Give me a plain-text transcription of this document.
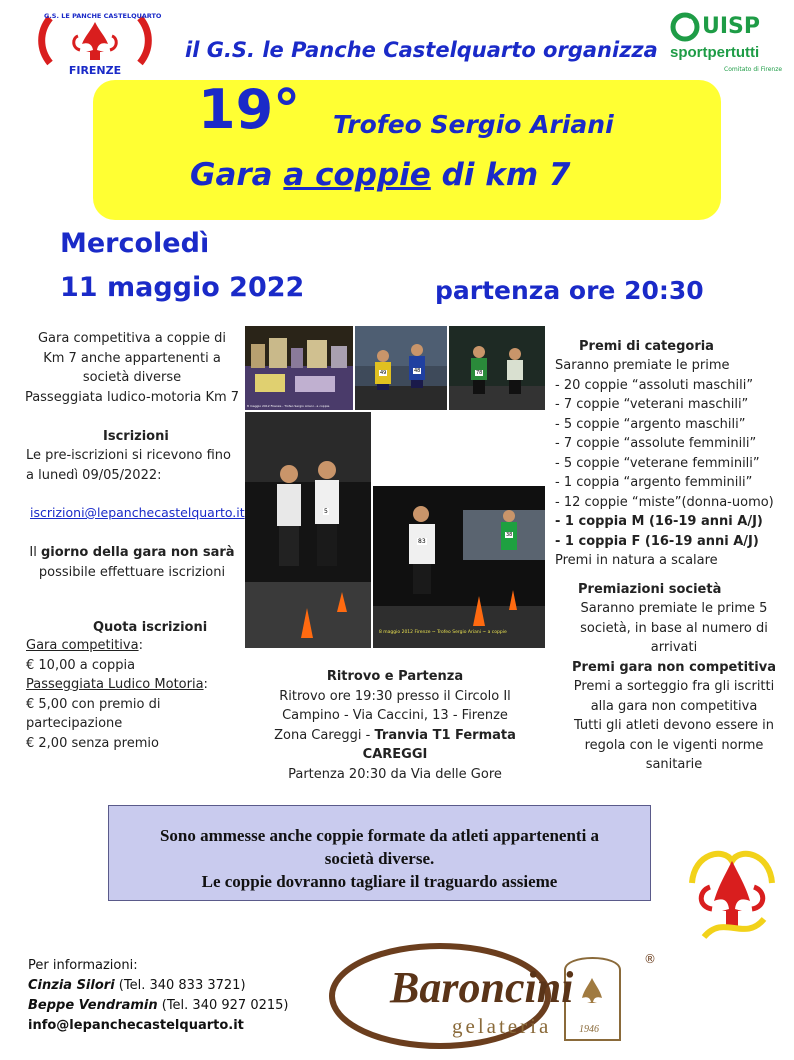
G.S. LE PANCHE CASTELQUARTO
FIRENZE
il G.S. le Panche Castelquarto organizza
UISP
sportpertutti
Comitato di Firenze
19° Trofeo Sergio Ariani
Gara a coppie di km 7
Mercoledì
11 maggio 2022	partenza ore 20:30
Gara competitiva a coppie di
Km 7 anche appartenenti a
società diverse
Passeggiata ludico-motoria Km 7
Iscrizioni
Le pre-iscrizioni si ricevono fino
a lunedì 09/05/2022:
iscrizioni@lepanchecastelquarto.it
Il giorno della gara non sarà
possibile effettuare iscrizioni
Quota iscrizioni
Gara competitiva:
€ 10,00 a coppia
Passeggiata Ludico Motoria:
€ 5,00 con premio di
partecipazione
€ 2,00 senza premio
8 maggio 2012 Firenze - Trofeo Sergio Ariani - a coppie
49	48	78
5
83
38
8 maggio 2012 Firenze ~ Trofeo Sergio Ariani ~ a coppie
Ritrovo e Partenza
Ritrovo ore 19:30 presso il Circolo Il
Campino - Via Caccini, 13 - Firenze
Zona Careggi - Tranvia T1 Fermata CAREGGI
Partenza 20:30 da Via delle Gore
Premi di categoria
Saranno premiate le prime
- 20 coppie “assoluti maschili”
- 7 coppie “veterani maschili”
- 5 coppie “argento maschili”
- 7 coppie “assolute femminili”
- 5 coppie “veterane femminili”
- 1 coppia “argento femminili”
- 12 coppie “miste”(donna-uomo)
- 1 coppia M (16-19 anni A/J)
- 1 coppia F (16-19 anni A/J)
Premi in natura a scalare
Premiazioni società
Saranno premiate le prime 5
società, in base al numero di
arrivati
Premi gara non competitiva
Premi a sorteggio fra gli iscritti
alla gara non competitiva
Tutti gli atleti devono essere in
regola con le vigenti norme
sanitarie
Sono ammesse anche coppie formate da atleti appartenenti a
società diverse.
Le coppie dovranno tagliare il traguardo assieme
Per informazioni:
Cinzia Silori (Tel. 340 833 3721)
Beppe Vendramin (Tel. 340 927 0215)
info@lepanchecastelquarto.it
Baroncini
gelateria	1946
®
